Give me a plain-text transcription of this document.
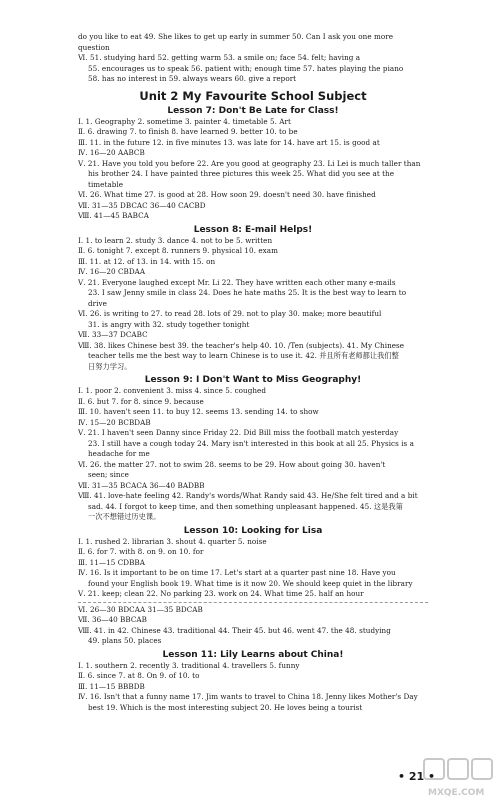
do you like to eat 49. She likes to get up early in summer 50. Can I ask you one more
question
Ⅵ. 51. studying hard 52. getting warm 53. a smile on; face 54. felt; having a
55. encourages us to speak 56. patient with; enough time 57. hates playing the piano
58. has no interest in 59. always wears 60. give a report
Unit 2 My Favourite School Subject
Lesson 7: Don't Be Late for Class!
Ⅰ. 1. Geography 2. sometime 3. painter 4. timetable 5. Art
Ⅱ. 6. drawing 7. to finish 8. have learned 9. better 10. to be
Ⅲ. 11. in the future 12. in five minutes 13. was late for 14. have art 15. is good at
Ⅳ. 16—20 AABCB
Ⅴ. 21. Have you told you before 22. Are you good at geography 23. Li Lei is much taller than
his brother 24. I have painted three pictures this week 25. What did you see at the
timetable
Ⅵ. 26. What time 27. is good at 28. How soon 29. doesn't need 30. have finished
Ⅶ. 31—35 DBCAC 36—40 CACBD
Ⅷ. 41—45 BABCA
Lesson 8: E-mail Helps!
Ⅰ. 1. to learn 2. study 3. dance 4. not to be 5. written
Ⅱ. 6. tonight 7. except 8. runners 9. physical 10. exam
Ⅲ. 11. at 12. of 13. in 14. with 15. on
Ⅳ. 16—20 CBDAA
Ⅴ. 21. Everyone laughed except Mr. Li 22. They have written each other many e-mails
23. I saw Jenny smile in class 24. Does he hate maths 25. It is the best way to learn to
drive
Ⅵ. 26. is writing to 27. to read 28. lots of 29. not to play 30. make; more beautiful
31. is angry with 32. study together tonight
Ⅶ. 33—37 DCABC
Ⅷ. 38. likes Chinese best 39. the teacher's help 40. 10. /Ten (subjects). 41. My Chinese
teacher tells me the best way to learn Chinese is to use it. 42. 并且所有老师都让我们整
日努力学习。
Lesson 9: I Don't Want to Miss Geography!
Ⅰ. 1. poor 2. convenient 3. miss 4. since 5. coughed
Ⅱ. 6. but 7. for 8. since 9. because
Ⅲ. 10. haven't seen 11. to buy 12. seems 13. sending 14. to show
Ⅳ. 15—20 BCBDAB
Ⅴ. 21. I haven't seen Danny since Friday 22. Did Bill miss the football match yesterday
23. I still have a cough today 24. Mary isn't interested in this book at all 25. Physics is a
headache for me
Ⅵ. 26. the matter 27. not to swim 28. seems to be 29. How about going 30. haven't
seen; since
Ⅶ. 31—35 BCACA 36—40 BADBB
Ⅷ. 41. love-hate feeling 42. Randy's words/What Randy said 43. He/She felt tired and a bit
sad. 44. I forgot to keep time, and then something unpleasant happened. 45. 这是我第
一次不想错过历史课。
Lesson 10: Looking for Lisa
Ⅰ. 1. rushed 2. librarian 3. shout 4. quarter 5. noise
Ⅱ. 6. for 7. with 8. on 9. on 10. for
Ⅲ. 11—15 CDBBA
Ⅳ. 16. Is it important to be on time 17. Let's start at a quarter past nine 18. Have you
found your English book 19. What time is it now 20. We should keep quiet in the library
Ⅴ. 21. keep; clean 22. No parking 23. work on 24. What time 25. half an hour
Ⅵ. 26—30 BDCAA 31—35 BDCAB
Ⅶ. 36—40 BBCAB
Ⅷ. 41. in 42. Chinese 43. traditional 44. Their 45. but 46. went 47. the 48. studying
49. plans 50. places
Lesson 11: Lily Learns about China!
Ⅰ. 1. southern 2. recently 3. traditional 4. travellers 5. funny
Ⅱ. 6. since 7. at 8. On 9. of 10. to
Ⅲ. 11—15 BBBDB
Ⅳ. 16. Isn't that a funny name 17. Jim wants to travel to China 18. Jenny likes Mother's Day
best 19. Which is the most interesting subject 20. He loves being a tourist
• 21 •
MXQE.COM
